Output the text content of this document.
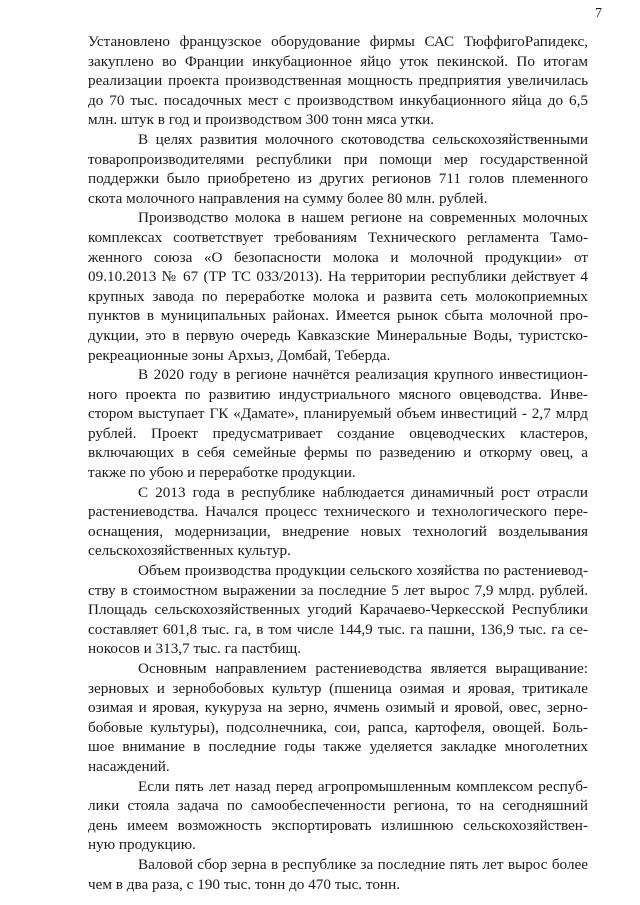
7

Установлено французское оборудование фирмы САС ТюффигоРапидекс,
закуплено во Франции инкубационное яйцо уток пекинской. По итогам
реализации проекта производственная мощность предприятия увеличилась
до 70 тыс. посадочных мест с производством инкубационного яйца до 6,5
млн. штук в год и производством 300 тонн мяса утки.

В целях развития молочного скотоводства сельскохозяйственными
товаропроизводителями республики при помощи мер государственной
поддержки было приобретено из других регионов 711 голов племенного
скота молочного направления на сумму более 80 млн. рублей.

Производство молока в нашем регионе на современных молочных
комплексах соответствует требованиям Технического регламента Тамо-
женного союза «О безопасности молока и молочной продукции» от
09.10.2013 № 67 (ТР ТС 033/2013). На территории республики действует 4
крупных завода по переработке молока и развита сеть молокоприемных
пунктов в муниципальных районах. Имеется рынок сбыта молочной про-
дукции, это в первую очередь Кавказские Минеральные Воды, туристско-
рекреационные зоны Архыз, Домбай, Теберда.

В 2020 году в регионе начнётся реализация крупного инвестицион-
ного проекта по развитию индустриального мясного овцеводства. Инве-
стором выступает ГК «Дамате», планируемый объем инвестиций - 2,7 млрд
рублей. Проект предусматривает создание овцеводческих кластеров,
включающих в себя семейные фермы по разведению и откорму овец, а
также по убою и переработке продукции.

С 2013 года в республике наблюдается динамичный рост отрасли
растениеводства. Начался процесс технического и технологического пере-
оснащения, модернизации, внедрение новых технологий возделывания
сельскохозяйственных культур.

Объем производства продукции сельского хозяйства по растениевод-
ству в стоимостном выражении за последние 5 лет вырос 7,9 млрд. рублей.
Площадь сельскохозяйственных угодий Карачаево-Черкесской Республики
составляет 601,8 тыс. га, в том числе 144,9 тыс. га пашни, 136,9 тыс. га се-
нокосов и 313,7 тыс. га пастбищ.

Основным направлением растениеводства является выращивание:
зерновых и зернобобовых культур (пшеница озимая и яровая, тритикале
озимая и яровая, кукуруза на зерно, ячмень озимый и яровой, овес, зерно-
бобовые культуры), подсолнечника, сои, рапса, картофеля, овощей. Боль-
шое внимание в последние годы также уделяется закладке многолетних
насаждений.

Если пять лет назад перед агропромышленным комплексом респуб-
лики стояла задача по самообеспеченности региона, то на сегодняшний
день имеем возможность экспортировать излишнюю сельскохозяйствен-
ную продукцию.

Валовой сбор зерна в республике за последние пять лет вырос более
чем в два раза, с 190 тыс. тонн до 470 тыс. тонн.
